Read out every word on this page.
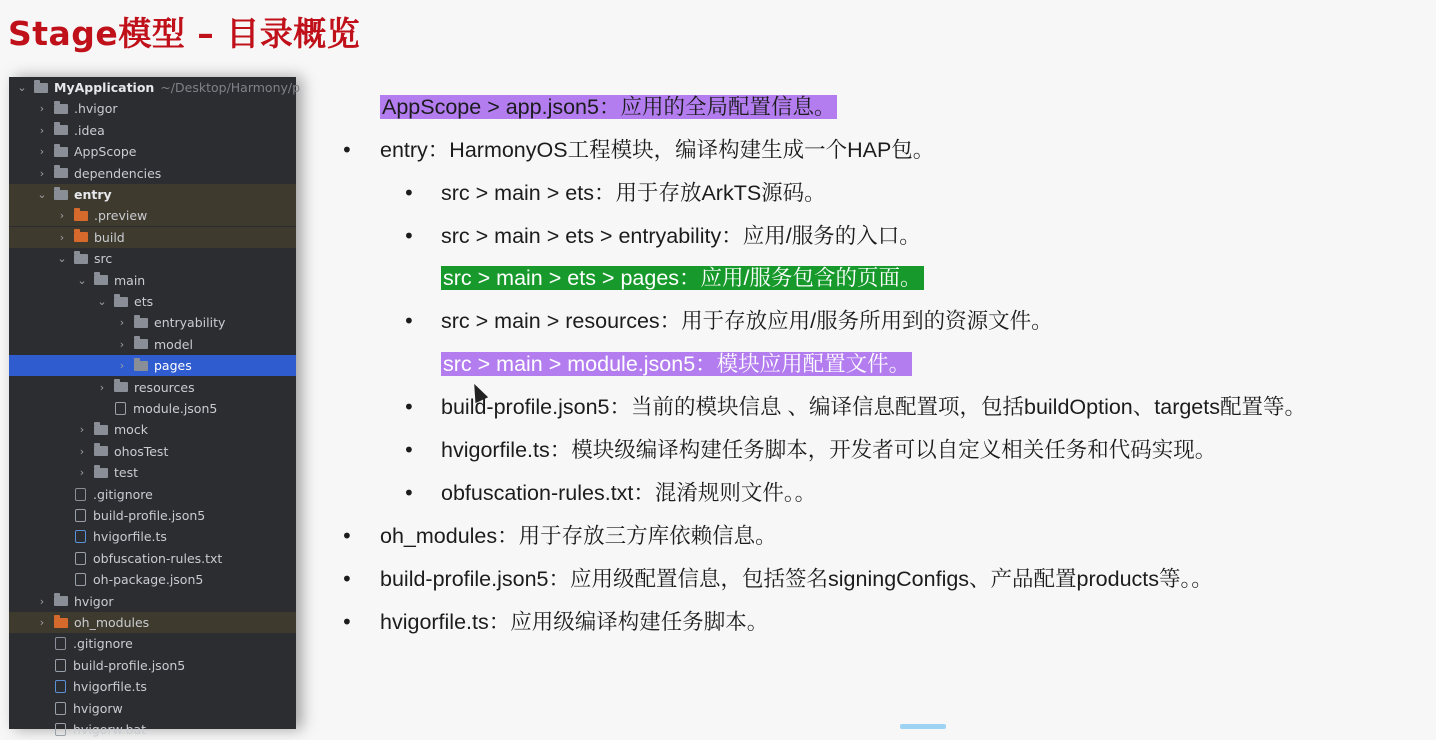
Stage模型 – 目录概览
⌄ MyApplication ~/Desktop/Harmony/p
›	.hvigor
›	.idea
›	AppScope
›	dependencies
⌄ entry
›	.preview
›	build
⌄ src
⌄ main
⌄ ets
›	entryability
›	model
›	pages
›	resources
module.json5
›	mock
›	ohosTest
›	test
.gitignore
build-profile.json5
hvigorfile.ts
obfuscation-rules.txt
oh-package.json5
›	hvigor
›	oh_modules
.gitignore
build-profile.json5
hvigorfile.ts
hvigorw
hvigorw.bat
AppScope > app.json5：应用的全局配置信息。
• entry：HarmonyOS工程模块，编译构建生成一个HAP包。
• src > main > ets：用于存放ArkTS源码。
• src > main > ets > entryability：应用/服务的入口。
src > main > ets > pages：应用/服务包含的页面。
• src > main > resources：用于存放应用/服务所用到的资源文件。
src > main > module.json5：模块应用配置文件。
• build-profile.json5：当前的模块信息 、编译信息配置项，包括buildOption、targets配置等。
• hvigorfile.ts：模块级编译构建任务脚本，开发者可以自定义相关任务和代码实现。
• obfuscation-rules.txt：混淆规则文件。。
• oh_modules：用于存放三方库依赖信息。
• build-profile.json5：应用级配置信息，包括签名signingConfigs、产品配置products等。。
• hvigorfile.ts：应用级编译构建任务脚本。
